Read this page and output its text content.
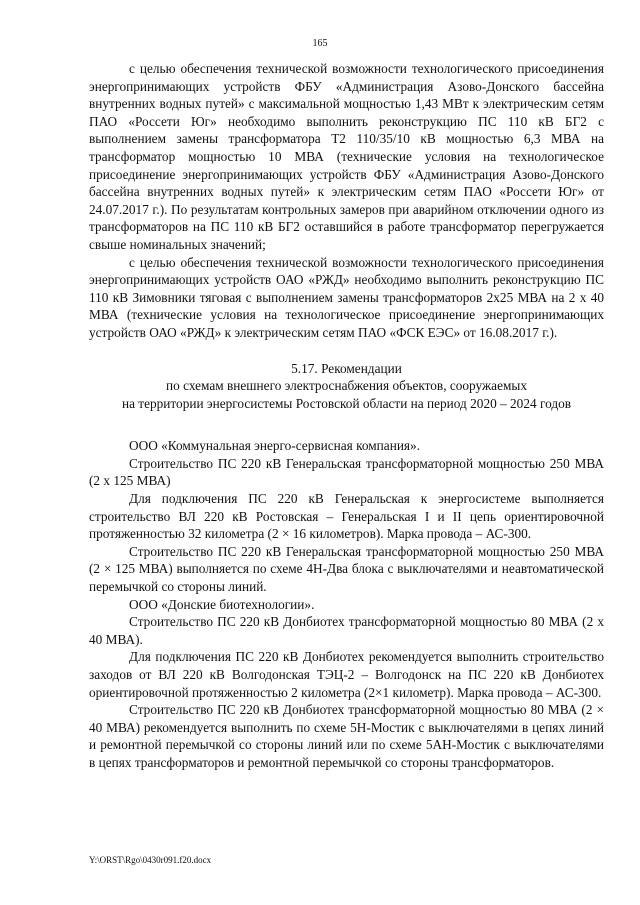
165

с целью обеспечения технической возможности технологического присоединения энергопринимающих устройств ФБУ «Администрация Азово-Донского бассейна внутренних водных путей» с максимальной мощностью 1,43 МВт к электрическим сетям ПАО «Россети Юг» необходимо выполнить реконструкцию ПС 110 кВ БГ2 с выполнением замены трансформатора Т2 110/35/10 кВ мощностью 6,3 МВА на трансформатор мощностью 10 МВА (технические условия на технологическое присоединение энергопринимающих устройств ФБУ «Администрация Азово-Донского бассейна внутренних водных путей» к электрическим сетям ПАО «Россети Юг» от 24.07.2017 г.). По результатам контрольных замеров при аварийном отключении одного из трансформаторов на ПС 110 кВ БГ2 оставшийся в работе трансформатор перегружается свыше номинальных значений;

с целью обеспечения технической возможности технологического присоединения энергопринимающих устройств ОАО «РЖД» необходимо выполнить реконструкцию ПС 110 кВ Зимовники тяговая с выполнением замены трансформаторов 2х25 МВА на 2 х 40 МВА (технические условия на технологическое присоединение энергопринимающих устройств ОАО «РЖД» к электрическим сетям ПАО «ФСК ЕЭС» от 16.08.2017 г.).

5.17. Рекомендации
по схемам внешнего электроснабжения объектов, сооружаемых
на территории энергосистемы Ростовской области на период 2020 – 2024 годов

ООО «Коммунальная энерго-сервисная компания».

Строительство ПС 220 кВ Генеральская трансформаторной мощностью 250 МВА (2 х 125 МВА)

Для подключения ПС 220 кВ Генеральская к энергосистеме выполняется строительство ВЛ 220 кВ Ростовская – Генеральская I и II цепь ориентировочной протяженностью 32 километра (2 × 16 километров). Марка провода – АС-300.

Строительство ПС 220 кВ Генеральская трансформаторной мощностью 250 МВА (2 × 125 МВА) выполняется по схеме 4Н-Два блока с выключателями и неавтоматической перемычкой со стороны линий.

ООО «Донские биотехнологии».

Строительство ПС 220 кВ Донбиотех трансформаторной мощностью 80 МВА (2 х 40 МВА).

Для подключения ПС 220 кВ Донбиотех рекомендуется выполнить строительство заходов от ВЛ 220 кВ Волгодонская ТЭЦ-2 – Волгодонск на ПС 220 кВ Донбиотех ориентировочной протяженностью 2 километра (2×1 километр). Марка провода – АС-300.

Строительство ПС 220 кВ Донбиотех трансформаторной мощностью 80 МВА (2 × 40 МВА) рекомендуется выполнить по схеме 5Н-Мостик с выключателями в цепях линий и ремонтной перемычкой со стороны линий или по схеме 5АН-Мостик с выключателями в цепях трансформаторов и ремонтной перемычкой со стороны трансформаторов.

Y:\ORST\Rgo\0430r091.f20.docx
